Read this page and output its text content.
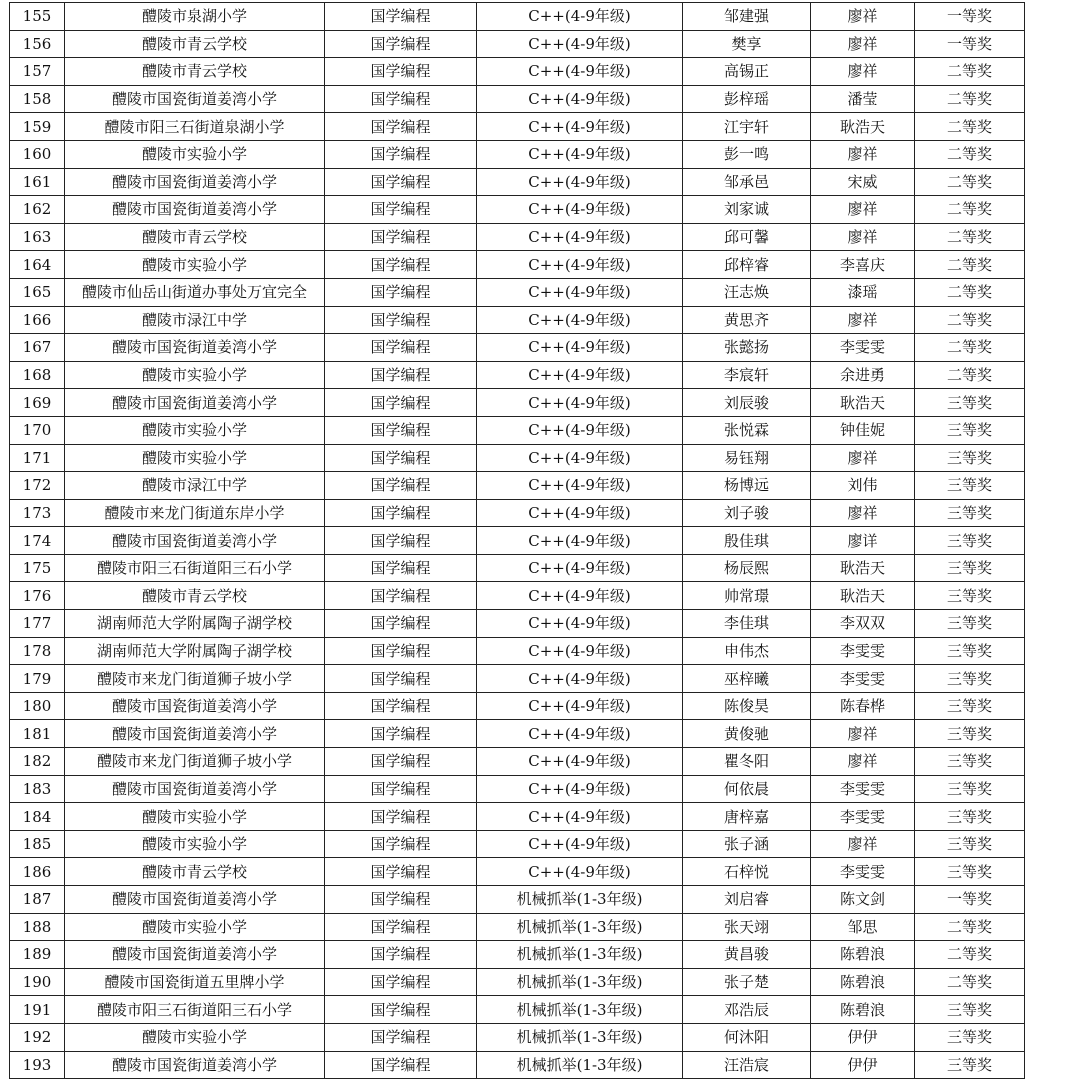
155	醴陵市泉湖小学	国学编程	C++(4-9年级)	邹建强	廖祥	一等奖
156	醴陵市青云学校	国学编程	C++(4-9年级)	樊享	廖祥	一等奖
157	醴陵市青云学校	国学编程	C++(4-9年级)	高锡正	廖祥	二等奖
158	醴陵市国瓷街道姜湾小学	国学编程	C++(4-9年级)	彭梓瑶	潘莹	二等奖
159	醴陵市阳三石街道泉湖小学	国学编程	C++(4-9年级)	江宇轩	耿浩天	二等奖
160	醴陵市实验小学	国学编程	C++(4-9年级)	彭一鸣	廖祥	二等奖
161	醴陵市国瓷街道姜湾小学	国学编程	C++(4-9年级)	邹承邑	宋威	二等奖
162	醴陵市国瓷街道姜湾小学	国学编程	C++(4-9年级)	刘家诚	廖祥	二等奖
163	醴陵市青云学校	国学编程	C++(4-9年级)	邱可馨	廖祥	二等奖
164	醴陵市实验小学	国学编程	C++(4-9年级)	邱梓睿	李喜庆	二等奖
165	醴陵市仙岳山街道办事处万宜完全	国学编程	C++(4-9年级)	汪志焕	漆瑶	二等奖
166	醴陵市渌江中学	国学编程	C++(4-9年级)	黄思齐	廖祥	二等奖
167	醴陵市国瓷街道姜湾小学	国学编程	C++(4-9年级)	张懿扬	李雯雯	二等奖
168	醴陵市实验小学	国学编程	C++(4-9年级)	李宸轩	余进勇	二等奖
169	醴陵市国瓷街道姜湾小学	国学编程	C++(4-9年级)	刘辰骏	耿浩天	三等奖
170	醴陵市实验小学	国学编程	C++(4-9年级)	张悦霖	钟佳妮	三等奖
171	醴陵市实验小学	国学编程	C++(4-9年级)	易钰翔	廖祥	三等奖
172	醴陵市渌江中学	国学编程	C++(4-9年级)	杨博远	刘伟	三等奖
173	醴陵市来龙门街道东岸小学	国学编程	C++(4-9年级)	刘子骏	廖祥	三等奖
174	醴陵市国瓷街道姜湾小学	国学编程	C++(4-9年级)	殷佳琪	廖详	三等奖
175	醴陵市阳三石街道阳三石小学	国学编程	C++(4-9年级)	杨辰熙	耿浩天	三等奖
176	醴陵市青云学校	国学编程	C++(4-9年级)	帅常璟	耿浩天	三等奖
177	湖南师范大学附属陶子湖学校	国学编程	C++(4-9年级)	李佳琪	李双双	三等奖
178	湖南师范大学附属陶子湖学校	国学编程	C++(4-9年级)	申伟杰	李雯雯	三等奖
179	醴陵市来龙门街道狮子坡小学	国学编程	C++(4-9年级)	巫梓曦	李雯雯	三等奖
180	醴陵市国瓷街道姜湾小学	国学编程	C++(4-9年级)	陈俊昊	陈春桦	三等奖
181	醴陵市国瓷街道姜湾小学	国学编程	C++(4-9年级)	黄俊驰	廖祥	三等奖
182	醴陵市来龙门街道狮子坡小学	国学编程	C++(4-9年级)	瞿冬阳	廖祥	三等奖
183	醴陵市国瓷街道姜湾小学	国学编程	C++(4-9年级)	何依晨	李雯雯	三等奖
184	醴陵市实验小学	国学编程	C++(4-9年级)	唐梓嘉	李雯雯	三等奖
185	醴陵市实验小学	国学编程	C++(4-9年级)	张子涵	廖祥	三等奖
186	醴陵市青云学校	国学编程	C++(4-9年级)	石梓悦	李雯雯	三等奖
187	醴陵市国瓷街道姜湾小学	国学编程	机械抓举(1-3年级)	刘启睿	陈文剑	一等奖
188	醴陵市实验小学	国学编程	机械抓举(1-3年级)	张天翊	邹思	二等奖
189	醴陵市国瓷街道姜湾小学	国学编程	机械抓举(1-3年级)	黄昌骏	陈碧浪	二等奖
190	醴陵市国瓷街道五里牌小学	国学编程	机械抓举(1-3年级)	张子楚	陈碧浪	二等奖
191	醴陵市阳三石街道阳三石小学	国学编程	机械抓举(1-3年级)	邓浩辰	陈碧浪	三等奖
192	醴陵市实验小学	国学编程	机械抓举(1-3年级)	何沐阳	伊伊	三等奖
193	醴陵市国瓷街道姜湾小学	国学编程	机械抓举(1-3年级)	汪浩宸	伊伊	三等奖
